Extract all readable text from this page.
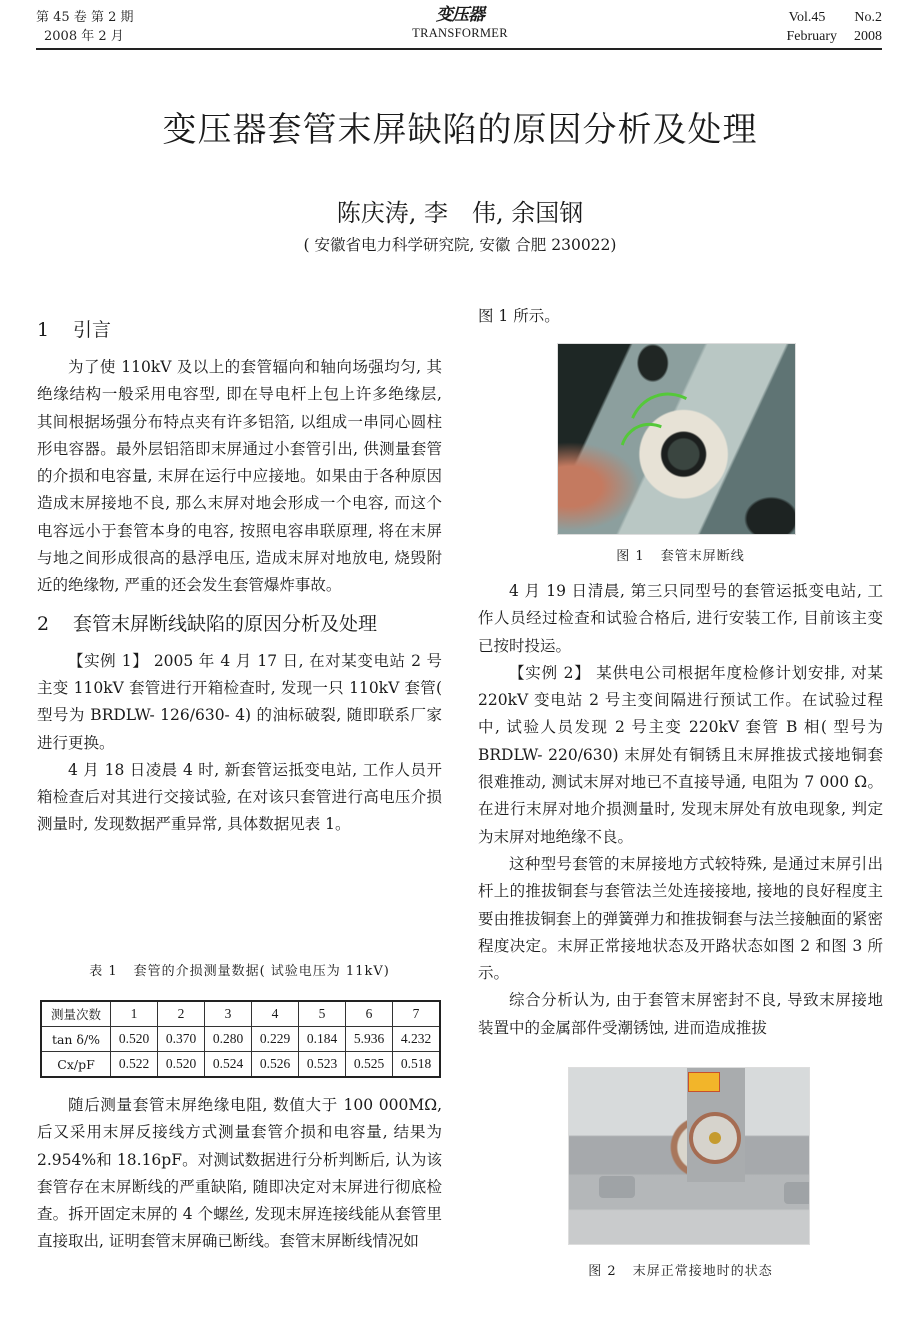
第 45 卷 第 2 期
2008 年 2 月
变压器
TRANSFORMER
Vol.45 No.2
February 2008
变压器套管末屏缺陷的原因分析及处理
陈庆涛, 李　伟, 余国钢
( 安徽省电力科学研究院, 安徽 合肥 230022)
1 引言

为了使 110kV 及以上的套管辐向和轴向场强均匀, 其绝缘结构一般采用电容型, 即在导电杆上包上许多绝缘层, 其间根据场强分布特点夹有许多铝箔, 以组成一串同心圆柱形电容器。最外层铝箔即末屏通过小套管引出, 供测量套管的介损和电容量, 末屏在运行中应接地。如果由于各种原因造成末屏接地不良, 那么末屏对地会形成一个电容, 而这个电容远小于套管本身的电容, 按照电容串联原理, 将在末屏与地之间形成很高的悬浮电压, 造成末屏对地放电, 烧毁附近的绝缘物, 严重的还会发生套管爆炸事故。

2 套管末屏断线缺陷的原因分析及处理

【实例 1】 2005 年 4 月 17 日, 在对某变电站 2 号主变 110kV 套管进行开箱检查时, 发现一只 110kV 套管( 型号为 BRDLW- 126/630- 4) 的油标破裂, 随即联系厂家进行更换。

4 月 18 日凌晨 4 时, 新套管运抵变电站, 工作人员开箱检查后对其进行交接试验, 在对该只套管进行高电压介损测量时, 发现数据严重异常, 具体数据见表 1。

表 1 套管的介损测量数据( 试验电压为 11kV)
测量次数	1	2	3	4	5	6	7
tan δ/%	0.520	0.370	0.280	0.229	0.184	5.936	4.232
Cx/pF	0.522	0.520	0.524	0.526	0.523	0.525	0.518

随后测量套管末屏绝缘电阻, 数值大于 100 000MΩ, 后又采用末屏反接线方式测量套管介损和电容量, 结果为 2.954%和 18.16pF。对测试数据进行分析判断后, 认为该套管存在末屏断线的严重缺陷, 随即决定对末屏进行彻底检查。拆开固定末屏的 4 个螺丝, 发现末屏连接线能从套管里直接取出, 证明套管末屏确已断线。套管末屏断线情况如

图 1 所示。

图 1 套管末屏断线

4 月 19 日清晨, 第三只同型号的套管运抵变电站, 工作人员经过检查和试验合格后, 进行安装工作, 目前该主变已按时投运。

【实例 2】 某供电公司根据年度检修计划安排, 对某 220kV 变电站 2 号主变间隔进行预试工作。在试验过程中, 试验人员发现 2 号主变 220kV 套管 B 相( 型号为 BRDLW- 220/630) 末屏处有铜锈且末屏推拔式接地铜套很难推动, 测试末屏对地已不直接导通, 电阻为 7 000 Ω。在进行末屏对地介损测量时, 发现末屏处有放电现象, 判定为末屏对地绝缘不良。

这种型号套管的末屏接地方式较特殊, 是通过末屏引出杆上的推拔铜套与套管法兰处连接接地, 接地的良好程度主要由推拔铜套上的弹簧弹力和推拔铜套与法兰接触面的紧密程度决定。末屏正常接地状态及开路状态如图 2 和图 3 所示。

综合分析认为, 由于套管末屏密封不良, 导致末屏接地装置中的金属部件受潮锈蚀, 进而造成推拔

图 2 末屏正常接地时的状态
